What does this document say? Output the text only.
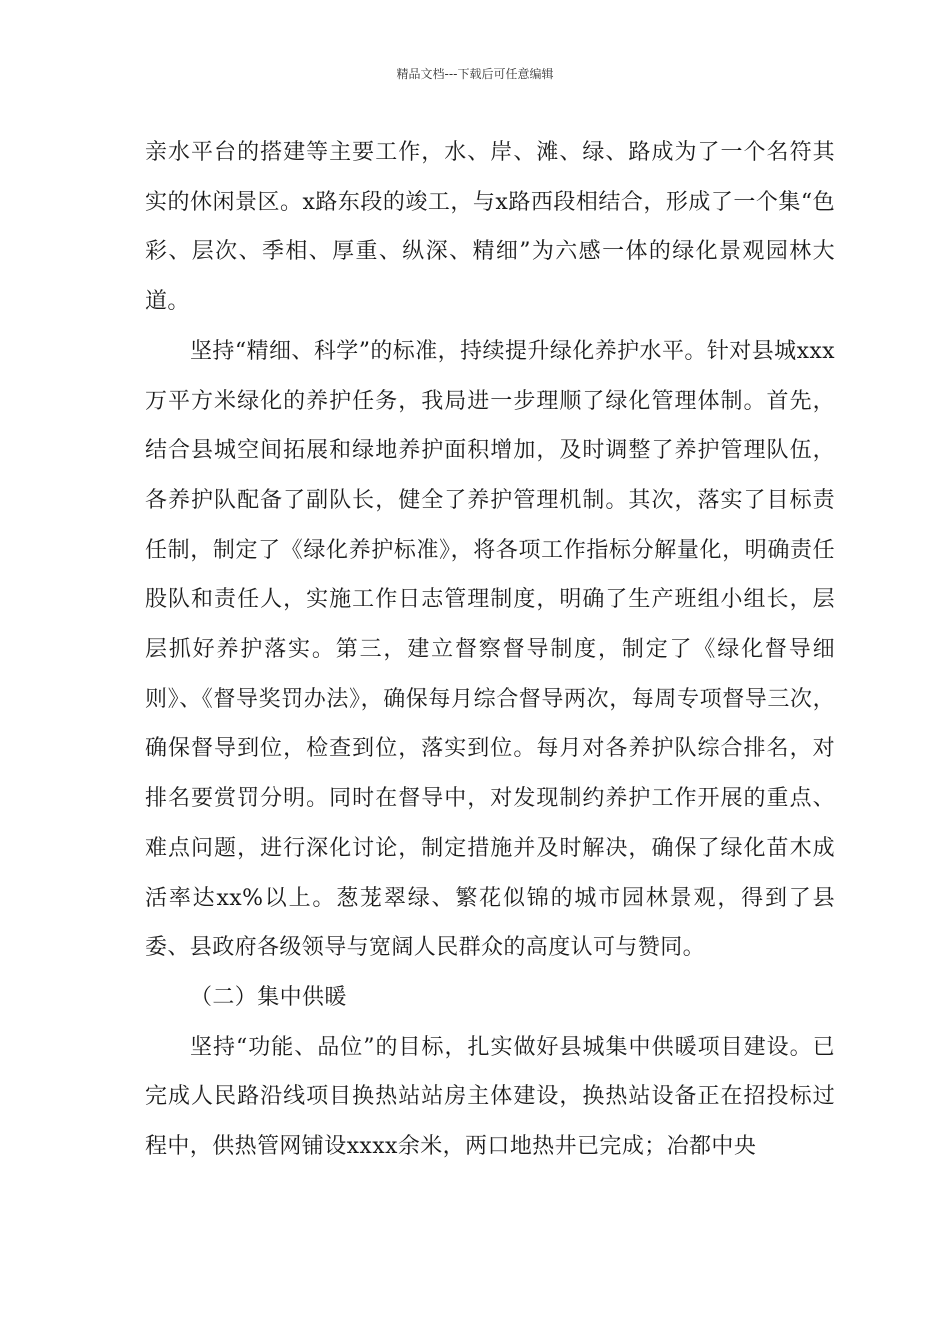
精品文档---下载后可任意编辑

亲水平台的搭建等主要工作，水、岸、滩、绿、路成为了一个名符其实的休闲景区。x路东段的竣工，与x路西段相结合，形成了一个集“色彩、层次、季相、厚重、纵深、精细”为六感一体的绿化景观园林大道。

坚持“精细、科学”的标准，持续提升绿化养护水平。针对县城xxx万平方米绿化的养护任务，我局进一步理顺了绿化管理体制。首先，结合县城空间拓展和绿地养护面积增加，及时调整了养护管理队伍，各养护队配备了副队长，健全了养护管理机制。其次，落实了目标责任制，制定了《绿化养护标准》，将各项工作指标分解量化，明确责任股队和责任人，实施工作日志管理制度，明确了生产班组小组长，层层抓好养护落实。第三，建立督察督导制度，制定了《绿化督导细则》、《督导奖罚办法》，确保每月综合督导两次，每周专项督导三次，确保督导到位，检查到位，落实到位。每月对各养护队综合排名，对排名要赏罚分明。同时在督导中，对发现制约养护工作开展的重点、难点问题，进行深化讨论，制定措施并及时解决，确保了绿化苗木成活率达xx%以上。葱茏翠绿、繁花似锦的城市园林景观，得到了县委、县政府各级领导与宽阔人民群众的高度认可与赞同。

（二）集中供暖

坚持“功能、品位”的目标，扎实做好县城集中供暖项目建设。已完成人民路沿线项目换热站站房主体建设，换热站设备正在招投标过程中，供热管网铺设xxxx余米，两口地热井已完成；冶都中央
